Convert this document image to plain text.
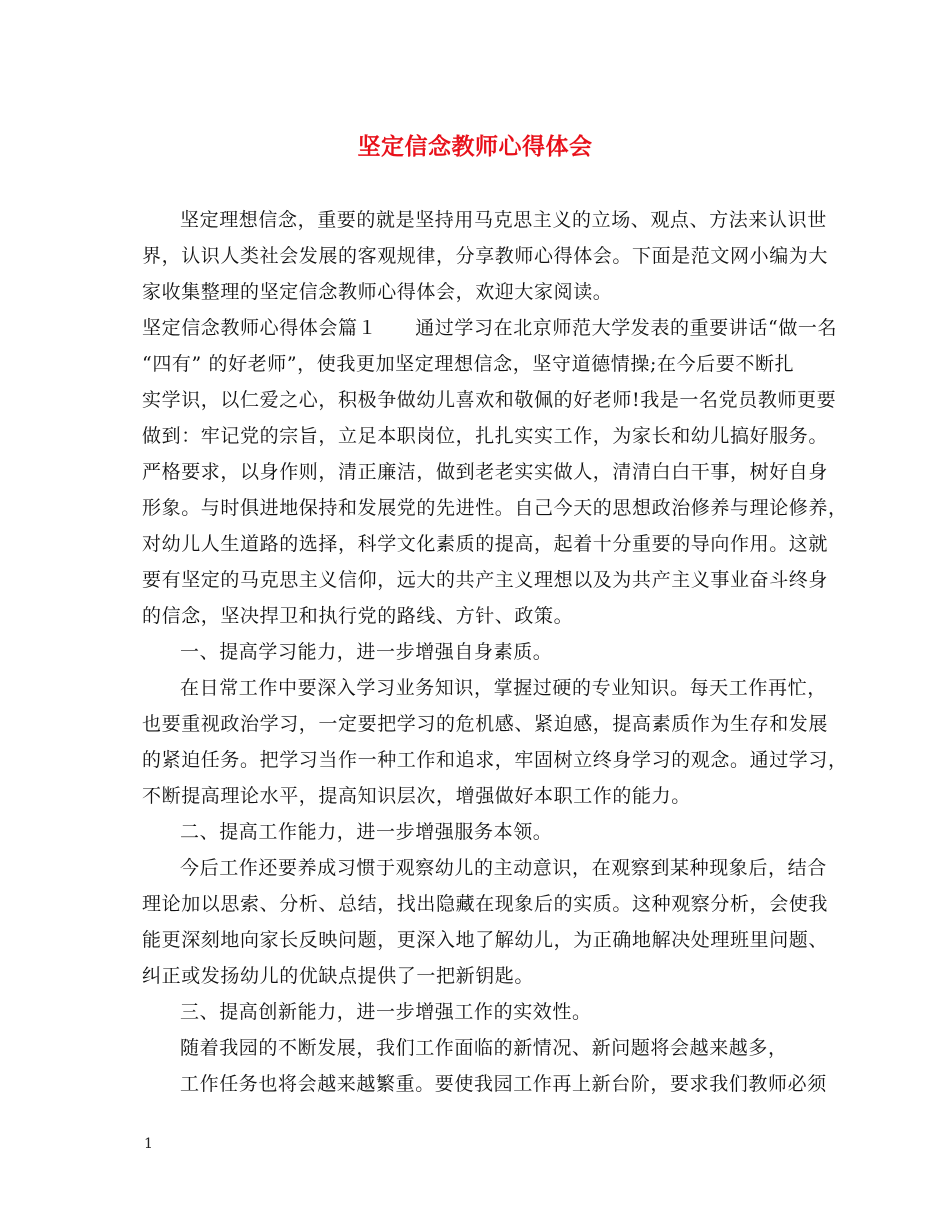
坚定信念教师心得体会
坚定理想信念，重要的就是坚持用马克思主义的立场、观点、方法来认识世
界，认识人类社会发展的客观规律，分享教师心得体会。下面是范文网小编为大
家收集整理的坚定信念教师心得体会，欢迎大家阅读。
坚定信念教师心得体会篇１ 通过学习在北京师范大学发表的重要讲话“做一名
“四有” 的好老师”，使我更加坚定理想信念，坚守道德情操;在今后要不断扎
实学识，以仁爱之心，积极争做幼儿喜欢和敬佩的好老师!我是一名党员教师更要
做到：牢记党的宗旨，立足本职岗位，扎扎实实工作，为家长和幼儿搞好服务。
严格要求，以身作则，清正廉洁，做到老老实实做人，清清白白干事，树好自身
形象。与时俱进地保持和发展党的先进性。自己今天的思想政治修养与理论修养，
对幼儿人生道路的选择，科学文化素质的提高，起着十分重要的导向作用。这就
要有坚定的马克思主义信仰，远大的共产主义理想以及为共产主义事业奋斗终身
的信念，坚决捍卫和执行党的路线、方针、政策。
一、提高学习能力，进一步增强自身素质。
在日常工作中要深入学习业务知识，掌握过硬的专业知识。每天工作再忙，
也要重视政治学习，一定要把学习的危机感、紧迫感，提高素质作为生存和发展
的紧迫任务。把学习当作一种工作和追求，牢固树立终身学习的观念。通过学习，
不断提高理论水平，提高知识层次，增强做好本职工作的能力。
二、提高工作能力，进一步增强服务本领。
今后工作还要养成习惯于观察幼儿的主动意识，在观察到某种现象后，结合
理论加以思索、分析、总结，找出隐藏在现象后的实质。这种观察分析，会使我
能更深刻地向家长反映问题，更深入地了解幼儿，为正确地解决处理班里问题、
纠正或发扬幼儿的优缺点提供了一把新钥匙。
三、提高创新能力，进一步增强工作的实效性。
随着我园的不断发展，我们工作面临的新情况、新问题将会越来越多，
工作任务也将会越来越繁重。要使我园工作再上新台阶，要求我们教师必须
1
